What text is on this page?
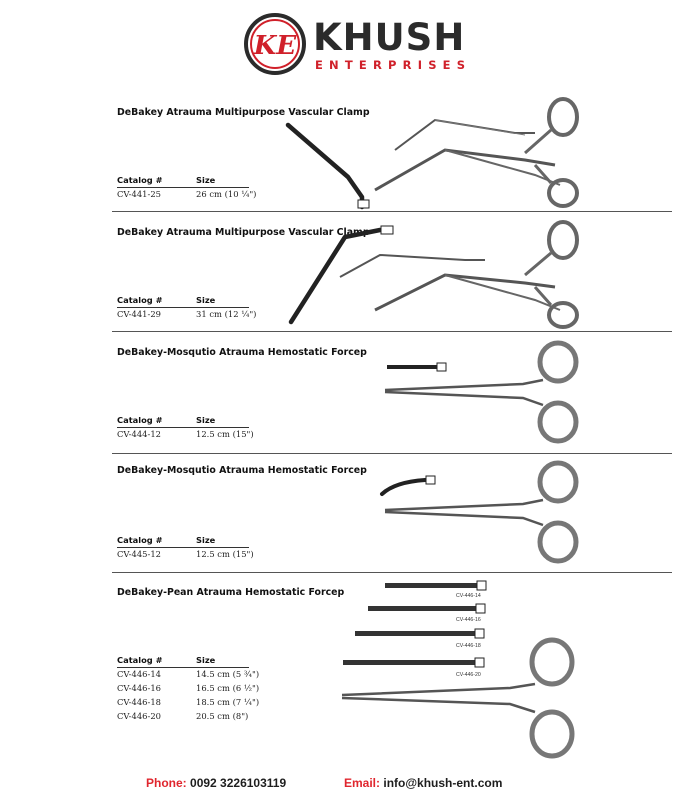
KE KHUSH
ENTERPRISES
DeBakey Atrauma Multipurpose Vascular Clamp
Catalog #	Size
CV-441-25	26 cm (10 ¼")
DeBakey Atrauma Multipurpose Vascular Clamp
Catalog #	Size
CV-441-29	31 cm (12 ¼")
DeBakey-Mosqutio Atrauma Hemostatic Forcep
Catalog #	Size
CV-444-12	12.5 cm (15")
DeBakey-Mosqutio Atrauma Hemostatic Forcep
Catalog #	Size
CV-445-12	12.5 cm (15")
DeBakey-Pean Atrauma Hemostatic Forcep
Catalog #	Size
CV-446-14	14.5 cm (5 ¾")
CV-446-16	16.5 cm (6 ½")
CV-446-18	18.5 cm (7 ¼")
CV-446-20	20.5 cm (8")
CV-446-14
CV-446-16
CV-446-18
CV-446-20
Phone: 0092 3226103119	Email: info@khush-ent.com
